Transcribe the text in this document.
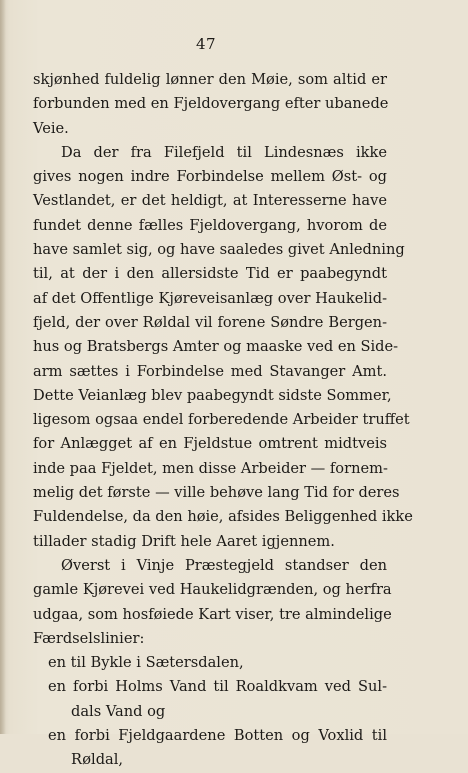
47
skjønhed fuldelig lønner den Møie, som altid er
forbunden med en Fjeldovergang efter ubanede
Veie.
Da der fra Filefjeld til Lindesnæs ikke
gives nogen indre Forbindelse mellem Øst- og
Vestlandet, er det heldigt, at Interesserne have
fundet denne fælles Fjeldovergang, hvorom de
have samlet sig, og have saaledes givet Anledning
til, at der i den allersidste Tid er paabegyndt
af det Offentlige Kjøreveisanlæg over Haukelid-
fjeld, der over Røldal vil forene Søndre Bergen-
hus og Bratsbergs Amter og maaske ved en Side-
arm sættes i Forbindelse med Stavanger Amt.
Dette Veianlæg blev paabegyndt sidste Sommer,
ligesom ogsaa endel forberedende Arbeider truffet
for Anlægget af en Fjeldstue omtrent midtveis
inde paa Fjeldet, men disse Arbeider — fornem-
melig det første — ville behøve lang Tid for deres
Fuldendelse, da den høie, afsides Beliggenhed ikke
tillader stadig Drift hele Aaret igjennem.
Øverst i Vinje Præstegjeld standser den
gamle Kjørevei ved Haukelidgrænden, og herfra
udgaa, som hosføiede Kart viser, tre almindelige
Færdselslinier:
en til Bykle i Sætersdalen,
en forbi Holms Vand til Roaldkvam ved Sul-
dals Vand og
en forbi Fjeldgaardene Botten og Voxlid til
Røldal,
